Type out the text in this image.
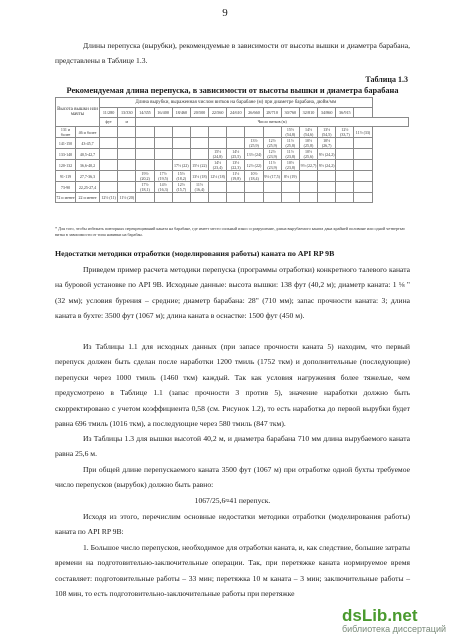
9

Длины перепуска (вырубки), рекомендуемые в зависимости от высоты вышки и диаметра барабана, представлены в Таблице 1.3.

Таблица 1.3
Рекомендуемая длина перепуска, в зависимости от высоты вышки и диаметра барабана
Высота вышки или мачты		Длина вырубки, выраженная числом витков на барабане (м) при диаметре барабана, дюйм/мм														
		11/280	13/330	14/355	16/400	18/460	20/500	22/560	24/610	26/660	28/710	30/760	32/810	34/860	36/915	
		фут	м	Число витков (м)												
131 и более	46 и более											15½ (54,8)	14½ (54,6)	13½ (54,5)	12½ (33,7)	11½ (33)
141-150	43-45,7									13½ (25,9)	12½ (25,9)	11½ (25,8)	10½ (25,8)	10½ (26,7)		
133-140	40,5-42,7							15½ (24,8)	14½ (25,5)	13½ (24)	12½ (23,9)	11½ (23,8)	10½ (25,6)	9½ (24,2)		
120-132	36,6-40,2					17½ (22)	15½ (22)	14½ (23,4)	13½ (22,3)	12½ (22)	11½ (23,9)	10½ (23,8)	9½ (22,7)	9½ (24,2)		
91-119	27,7-36,3			19½ (20,2)	17½ (19,5)	15½ (18,2)	13½ (18)	12½ (18)	11½ (19,8)	10½ (18,4)	9½ (17,5)	8½ (19)				
73-90	22,25-27,4			17½ (18,1)	14½ (16,3)	12½ (15,7)	11½ (16,4)									
72 и менее	22 и менее	12½ (11)	11½ (20)													
* Для того, чтобы избежать повторных перекрещиваний каната на барабане, где имеет место сильный износ и разрушение, длина вырубаемого каната дана крайней половине или одной четвертью витка в зависимости от типа навивки на барабан.
Недостатки методики отработки (моделирования работы) каната по API RP 9B

Приведем пример расчета методики перепуска (программы отработки) конкретного талевого каната на буровой установке по API 9B. Исходные данные: высота вышки: 138 фут (40,2 м); диаметр каната: 1 ⅛ " (32 мм); условия бурения – средние; диаметр барабана: 28" (710 мм); запас прочности каната: 3; длина каната в бухте: 3500 фут (1067 м); длина каната в оснастке: 1500 фут (450 м).

Из Таблицы 1.1 для исходных данных (при запасе прочности каната 5) находим, что первый перепуск должен быть сделан после наработки 1200 тмиль (1752 ткм) и дополнительные (последующие) перепуски через 1000 тмиль (1460 ткм) каждый. Так как условия нагружения более тяжелые, чем предусмотрено в Таблице 1.1 (запас прочности 3 против 5), значение наработки должно быть скорректировано с учетом коэффициента 0,58 (см. Рисунок 1.2), то есть наработка до первой вырубки будет равна 696 тмиль (1016 ткм), а последующие через 580 тмиль (847 ткм).

Из Таблицы 1.3 для вышки высотой 40,2 м, и диаметра барабана 710 мм длина вырубаемого каната равна 25,6 м.

При общей длине перепускаемого каната 3500 фут (1067 м) при отработке одной бухты требуемое число перепусков (вырубок) должно быть равно:

1067/25,6≈41 перепуск.

Исходя из этого, перечислим основные недостатки методики отработки (моделирования работы) каната по API RP 9B:

1. Большое число перепусков, необходимое для отработки каната, и, как следствие, большие затраты времени на подготовительно-заключительные операции. Так, при перетяжке каната нормируемое время составляет: подготовительные работы – 33 мин; перетяжка 10 м каната – 3 мин; заключительные работы – 108 мин, то есть подготовительно-заключительные работы при перетяжке

dsLib.net
библиотека диссертаций
